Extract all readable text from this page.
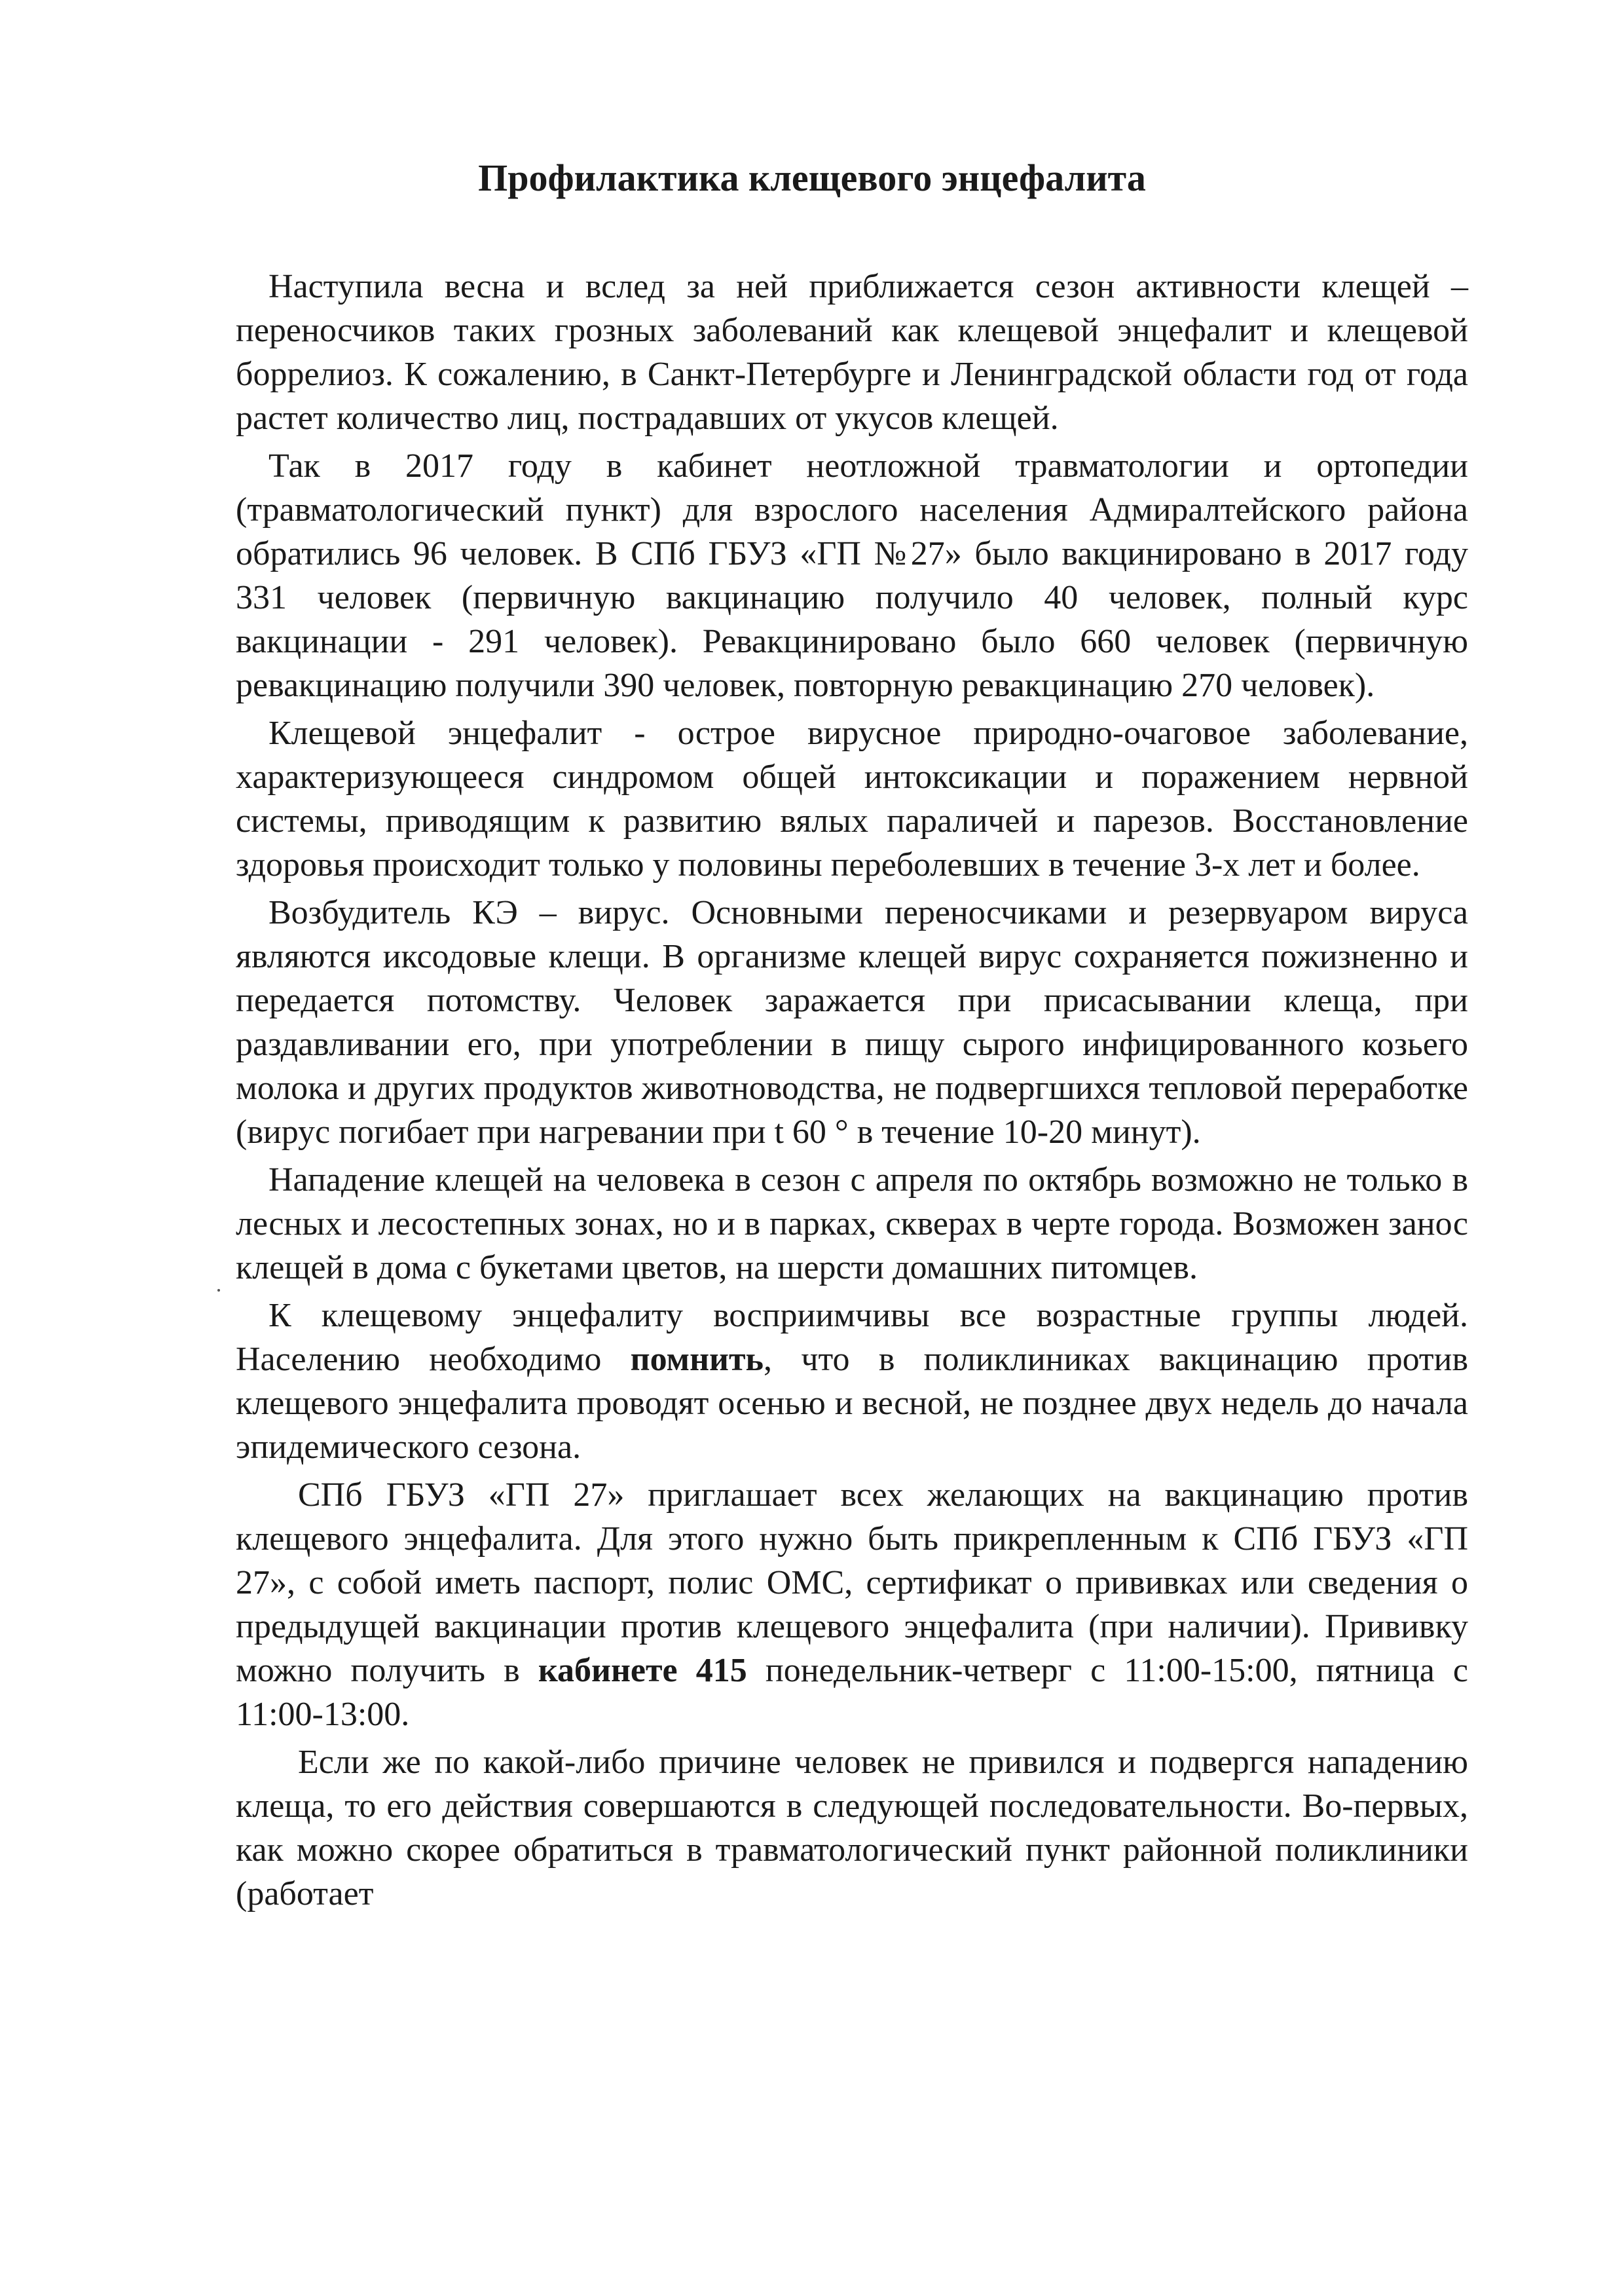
Профилактика клещевого энцефалита

Наступила весна и вслед за ней приближается сезон активности клещей – переносчиков таких грозных заболеваний как клещевой энцефалит и клещевой боррелиоз. К сожалению, в Санкт-Петербурге и Ленинградской области год от года растет количество лиц, пострадавших от укусов клещей.

Так в 2017 году в кабинет неотложной травматологии и ортопедии (травматологический пункт) для взрослого населения Адмиралтейского района обратились 96 человек. В СПб ГБУЗ «ГП №27» было вакцинировано в 2017 году 331 человек (первичную вакцинацию получило 40 человек, полный курс вакцинации - 291 человек). Ревакцинировано было 660 человек (первичную ревакцинацию получили 390 человек, повторную ревакцинацию 270 человек).

Клещевой энцефалит - острое вирусное природно-очаговое заболевание, характеризующееся синдромом общей интоксикации и поражением нервной системы, приводящим к развитию вялых параличей и парезов. Восстановление здоровья происходит только у половины переболевших в течение 3-х лет и более.

Возбудитель КЭ – вирус. Основными переносчиками и резервуаром вируса являются иксодовые клещи. В организме клещей вирус сохраняется пожизненно и передается потомству. Человек заражается при присасывании клеща, при раздавливании его, при употреблении в пищу сырого инфицированного козьего молока и других продуктов животноводства, не подвергшихся тепловой переработке (вирус погибает при нагревании при t 60 ° в течение 10-20 минут).

Нападение клещей на человека в сезон с апреля по октябрь возможно не только в лесных и лесостепных зонах, но и в парках, скверах в черте города. Возможен занос клещей в дома с букетами цветов, на шерсти домашних питомцев.

К клещевому энцефалиту восприимчивы все возрастные группы людей. Населению необходимо помнить, что в поликлиниках вакцинацию против клещевого энцефалита проводят осенью и весной, не позднее двух недель до начала эпидемического сезона.

СПб ГБУЗ «ГП 27» приглашает всех желающих на вакцинацию против клещевого энцефалита. Для этого нужно быть прикрепленным к СПб ГБУЗ «ГП 27», с собой иметь паспорт, полис ОМС, сертификат о прививках или сведения о предыдущей вакцинации против клещевого энцефалита (при наличии). Прививку можно получить в кабинете 415 понедельник-четверг с 11:00-15:00, пятница с 11:00-13:00.

Если же по какой-либо причине человек не привился и подвергся нападению клеща, то его действия совершаются в следующей последовательности. Во-первых, как можно скорее обратиться в травматологический пункт районной поликлиники (работает
